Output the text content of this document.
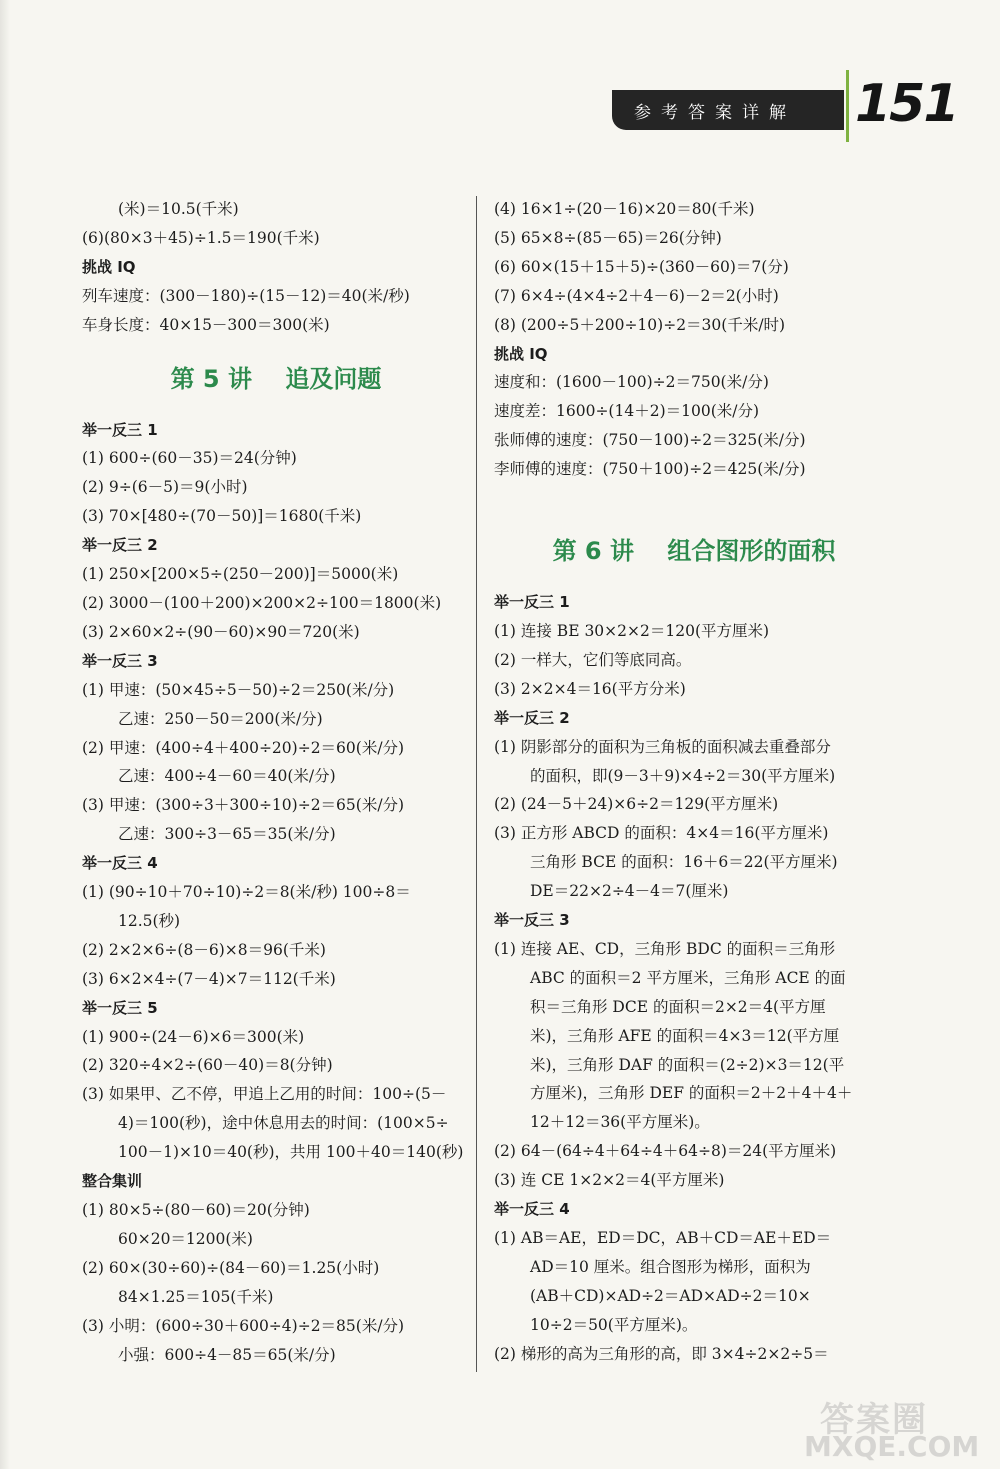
参考答案详解 151
(米)＝10.5(千米)
(6)(80×3＋45)÷1.5＝190(千米)
挑战 IQ
列车速度：(300－180)÷(15－12)＝40(米/秒)
车身长度：40×15－300＝300(米)
第 5 讲    追及问题
举一反三 1
(1) 600÷(60－35)＝24(分钟)
(2) 9÷(6－5)＝9(小时)
(3) 70×[480÷(70－50)]＝1680(千米)
举一反三 2
(1) 250×[200×5÷(250－200)]＝5000(米)
(2) 3000－(100＋200)×200×2÷100＝1800(米)
(3) 2×60×2÷(90－60)×90＝720(米)
举一反三 3
(1) 甲速：(50×45÷5－50)÷2＝250(米/分)
乙速：250－50＝200(米/分)
(2) 甲速：(400÷4＋400÷20)÷2＝60(米/分)
乙速：400÷4－60＝40(米/分)
(3) 甲速：(300÷3＋300÷10)÷2＝65(米/分)
乙速：300÷3－65＝35(米/分)
举一反三 4
(1) (90÷10＋70÷10)÷2＝8(米/秒) 100÷8＝
12.5(秒)
(2) 2×2×6÷(8－6)×8＝96(千米)
(3) 6×2×4÷(7－4)×7＝112(千米)
举一反三 5
(1) 900÷(24－6)×6＝300(米)
(2) 320÷4×2÷(60－40)＝8(分钟)
(3) 如果甲、乙不停，甲追上乙用的时间：100÷(5－
4)＝100(秒)，途中休息用去的时间：(100×5÷
100－1)×10＝40(秒)，共用 100＋40＝140(秒)
整合集训
(1) 80×5÷(80－60)＝20(分钟)
60×20＝1200(米)
(2) 60×(30÷60)÷(84－60)＝1.25(小时)
84×1.25＝105(千米)
(3) 小明：(600÷30＋600÷4)÷2＝85(米/分)
小强：600÷4－85＝65(米/分)
(4) 16×1÷(20－16)×20＝80(千米)
(5) 65×8÷(85－65)＝26(分钟)
(6) 60×(15＋15＋5)÷(360－60)＝7(分)
(7) 6×4÷(4×4÷2＋4－6)－2＝2(小时)
(8) (200÷5＋200÷10)÷2＝30(千米/时)
挑战 IQ
速度和：(1600－100)÷2＝750(米/分)
速度差：1600÷(14＋2)＝100(米/分)
张师傅的速度：(750－100)÷2＝325(米/分)
李师傅的速度：(750＋100)÷2＝425(米/分)
第 6 讲    组合图形的面积
举一反三 1
(1) 连接 BE 30×2×2＝120(平方厘米)
(2) 一样大，它们等底同高。
(3) 2×2×4＝16(平方分米)
举一反三 2
(1) 阴影部分的面积为三角板的面积减去重叠部分
的面积，即(9－3＋9)×4÷2＝30(平方厘米)
(2) (24－5＋24)×6÷2＝129(平方厘米)
(3) 正方形 ABCD 的面积：4×4＝16(平方厘米)
三角形 BCE 的面积：16＋6＝22(平方厘米)
DE＝22×2÷4－4＝7(厘米)
举一反三 3
(1) 连接 AE、CD，三角形 BDC 的面积＝三角形
ABC 的面积＝2 平方厘米，三角形 ACE 的面
积＝三角形 DCE 的面积＝2×2＝4(平方厘
米)，三角形 AFE 的面积＝4×3＝12(平方厘
米)，三角形 DAF 的面积＝(2÷2)×3＝12(平
方厘米)，三角形 DEF 的面积＝2＋2＋4＋4＋
12＋12＝36(平方厘米)。
(2) 64－(64÷4＋64÷4＋64÷8)＝24(平方厘米)
(3) 连 CE 1×2×2＝4(平方厘米)
举一反三 4
(1) AB＝AE，ED＝DC，AB＋CD＝AE＋ED＝
AD＝10 厘米。组合图形为梯形，面积为
(AB＋CD)×AD÷2＝AD×AD÷2＝10×
10÷2＝50(平方厘米)。
(2) 梯形的高为三角形的高，即 3×4÷2×2÷5＝
答案圈
MXQE.COM
